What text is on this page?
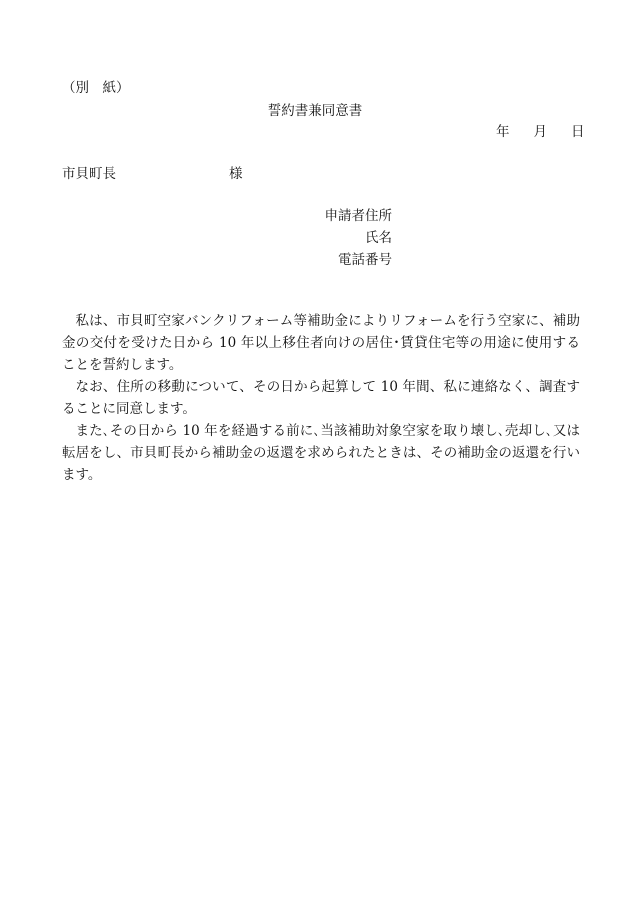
（別　紙）
誓約書兼同意書
年 月 日
市貝町長	様
申請者住所
氏名
電話番号

私は、市貝町空家バンクリフォーム等補助金によりリフォームを行う空家に、補助金の交付を受けた日から 10 年以上移住者向けの居住･賃貸住宅等の用途に使用することを誓約します。

なお、住所の移動について、その日から起算して 10 年間、私に連絡なく、調査することに同意します。

また､その日から 10 年を経過する前に､当該補助対象空家を取り壊し､売却し､又は転居をし、市貝町長から補助金の返還を求められたときは、その補助金の返還を行います。
